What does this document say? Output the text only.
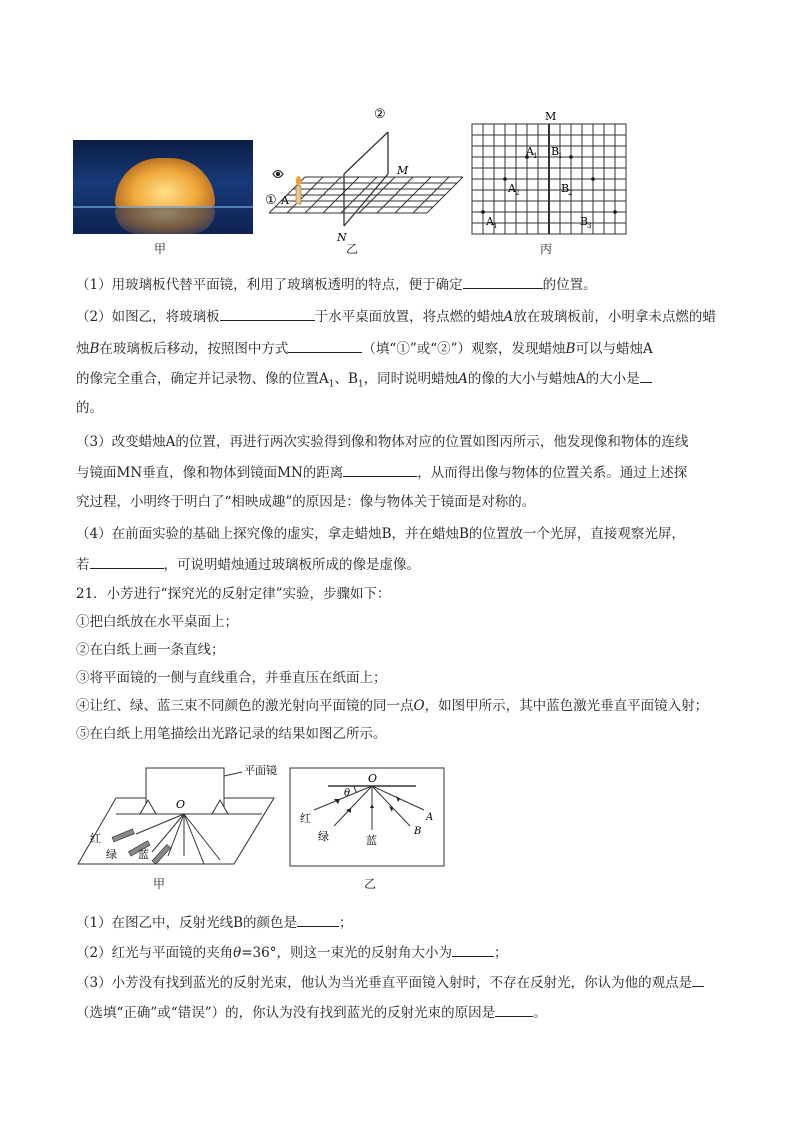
甲
②
① A
M
N
乙
M
A 1 B
1
A 2	B
2
A 1	B
3
丙
（1）用玻璃板代替平面镜，利用了玻璃板透明的特点，便于确定	的位置。
（2）如图乙，将玻璃板	于水平桌面放置，将点燃的蜡烛A放在玻璃板前，小明拿未点燃的蜡
烛B在玻璃板后移动，按照图中方式	（填“①”或“②”）观察，发现蜡烛B可以与蜡烛A
的像完全重合，确定并记录物、像的位置$A_1$、$B_1$，同时说明蜡烛A的像的大小与蜡烛A的大小是
的。
（3）改变蜡烛A的位置，再进行两次实验得到像和物体对应的位置如图丙所示，他发现像和物体的连线
与镜面MN垂直，像和物体到镜面MN的距离	，从而得出像与物体的位置关系。通过上述探
究过程，小明终于明白了“相映成趣”的原因是：像与物体关于镜面是对称的。
（4）在前面实验的基础上探究像的虚实，拿走蜡烛B，并在蜡烛B的位置放一个光屏，直接观察光屏，
若	，可说明蜡烛通过玻璃板所成的像是虚像。
21．小芳进行“探究光的反射定律”实验，步骤如下：
①把白纸放在水平桌面上；
②在白纸上画一条直线；
③将平面镜的一侧与直线重合，并垂直压在纸面上；
④让红、绿、蓝三束不同颜色的激光射向平面镜的同一点O，如图甲所示，其中蓝色激光垂直平面镜入射；
⑤在白纸上用笔描绘出光路记录的结果如图乙所示。
平面镜
O
红
绿 蓝
甲
O
θ
红
绿	蓝
A
B
乙
（1）在图乙中，反射光线B的颜色是	；
（2）红光与平面镜的夹角θ=36°，则这一束光的反射角大小为	；
（3）小芳没有找到蓝光的反射光束，他认为当光垂直平面镜入射时，不存在反射光，你认为他的观点是
（选填“正确”或“错误”）的，你认为没有找到蓝光的反射光束的原因是	。
